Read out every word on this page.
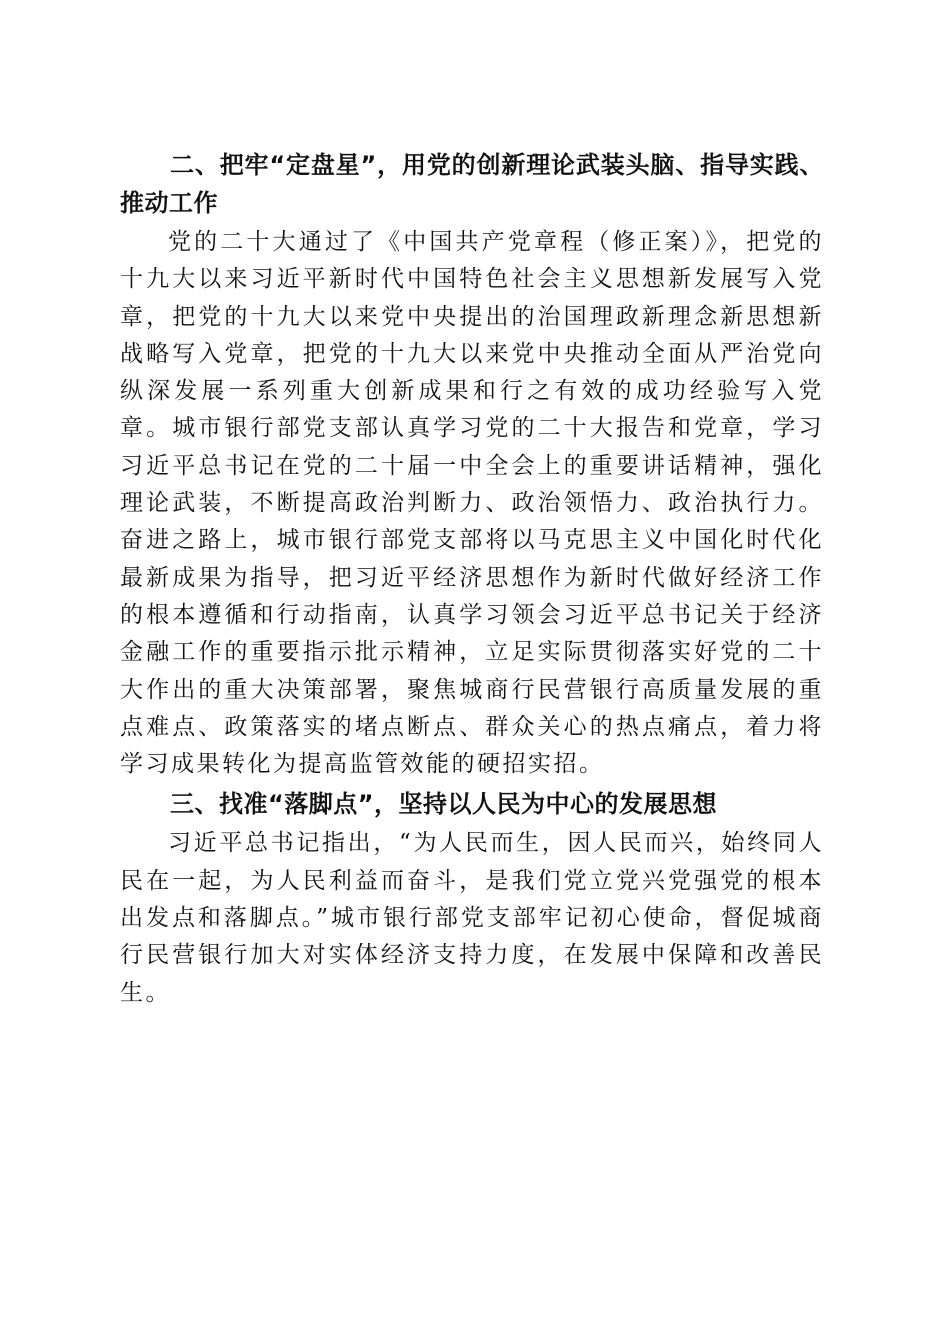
二、把牢“定盘星”，用党的创新理论武装头脑、指导实践、推动工作

党的二十大通过了《中国共产党章程（修正案）》，把党的十九大以来习近平新时代中国特色社会主义思想新发展写入党章，把党的十九大以来党中央提出的治国理政新理念新思想新战略写入党章，把党的十九大以来党中央推动全面从严治党向纵深发展一系列重大创新成果和行之有效的成功经验写入党章。城市银行部党支部认真学习党的二十大报告和党章，学习习近平总书记在党的二十届一中全会上的重要讲话精神，强化理论武装，不断提高政治判断力、政治领悟力、政治执行力。奋进之路上，城市银行部党支部将以马克思主义中国化时代化最新成果为指导，把习近平经济思想作为新时代做好经济工作的根本遵循和行动指南，认真学习领会习近平总书记关于经济金融工作的重要指示批示精神，立足实际贯彻落实好党的二十大作出的重大决策部署，聚焦城商行民营银行高质量发展的重点难点、政策落实的堵点断点、群众关心的热点痛点，着力将学习成果转化为提高监管效能的硬招实招。

三、找准“落脚点”，坚持以人民为中心的发展思想

习近平总书记指出，“为人民而生，因人民而兴，始终同人民在一起，为人民利益而奋斗，是我们党立党兴党强党的根本出发点和落脚点。”城市银行部党支部牢记初心使命，督促城商行民营银行加大对实体经济支持力度，在发展中保障和改善民生。
